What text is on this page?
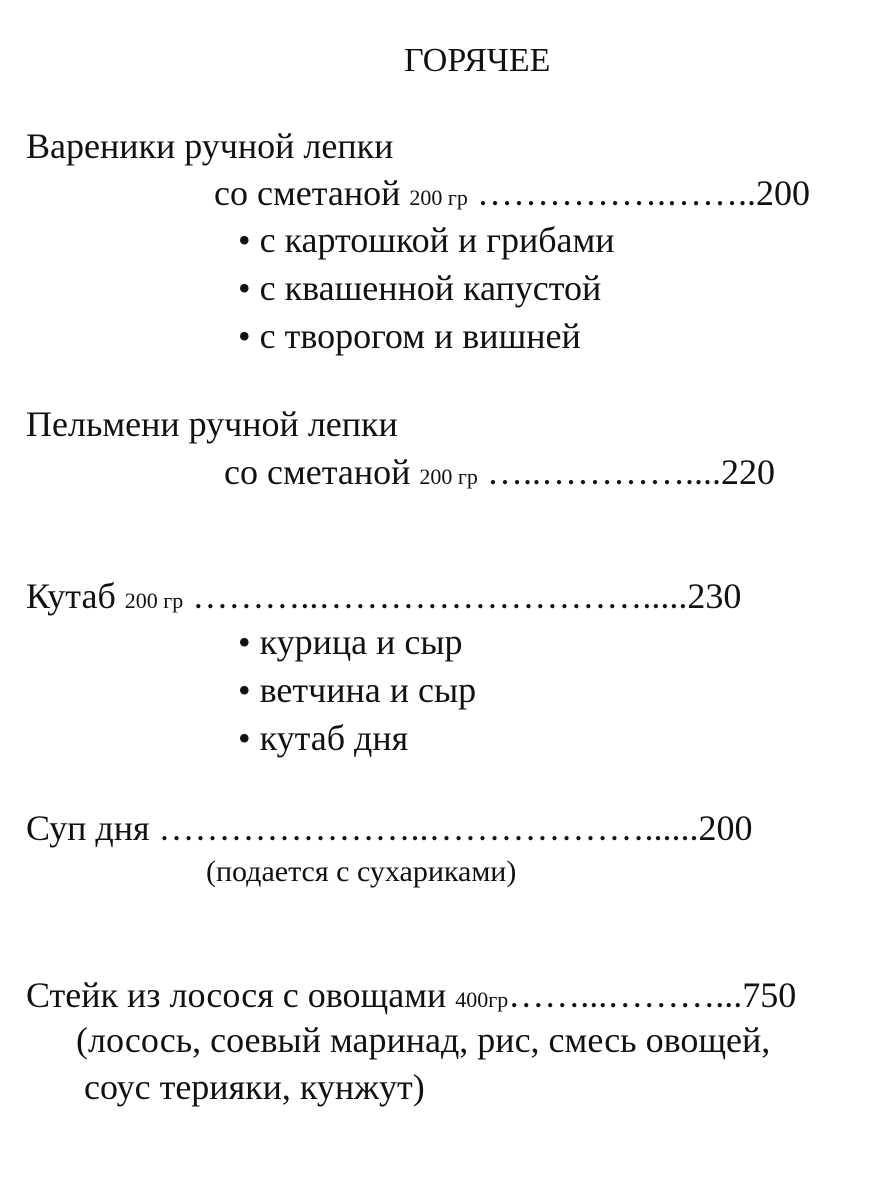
ГОРЯЧЕЕ
Вареники ручной лепки
со сметаной 200 гр …………….……..200
• с картошкой и грибами
• с квашенной капустой
• с творогом и вишней
Пельмени ручной лепки
со сметаной 200 гр …..…………....220
Кутаб 200 гр ………..……………………….....230
• курица и сыр
• ветчина и сыр
• кутаб дня
Суп дня …………………..………………......200
(подается с сухариками)
Стейк из лосося с овощами 400гр……...………...750
(лосось, соевый маринад, рис, смесь овощей,
соус терияки, кунжут)
